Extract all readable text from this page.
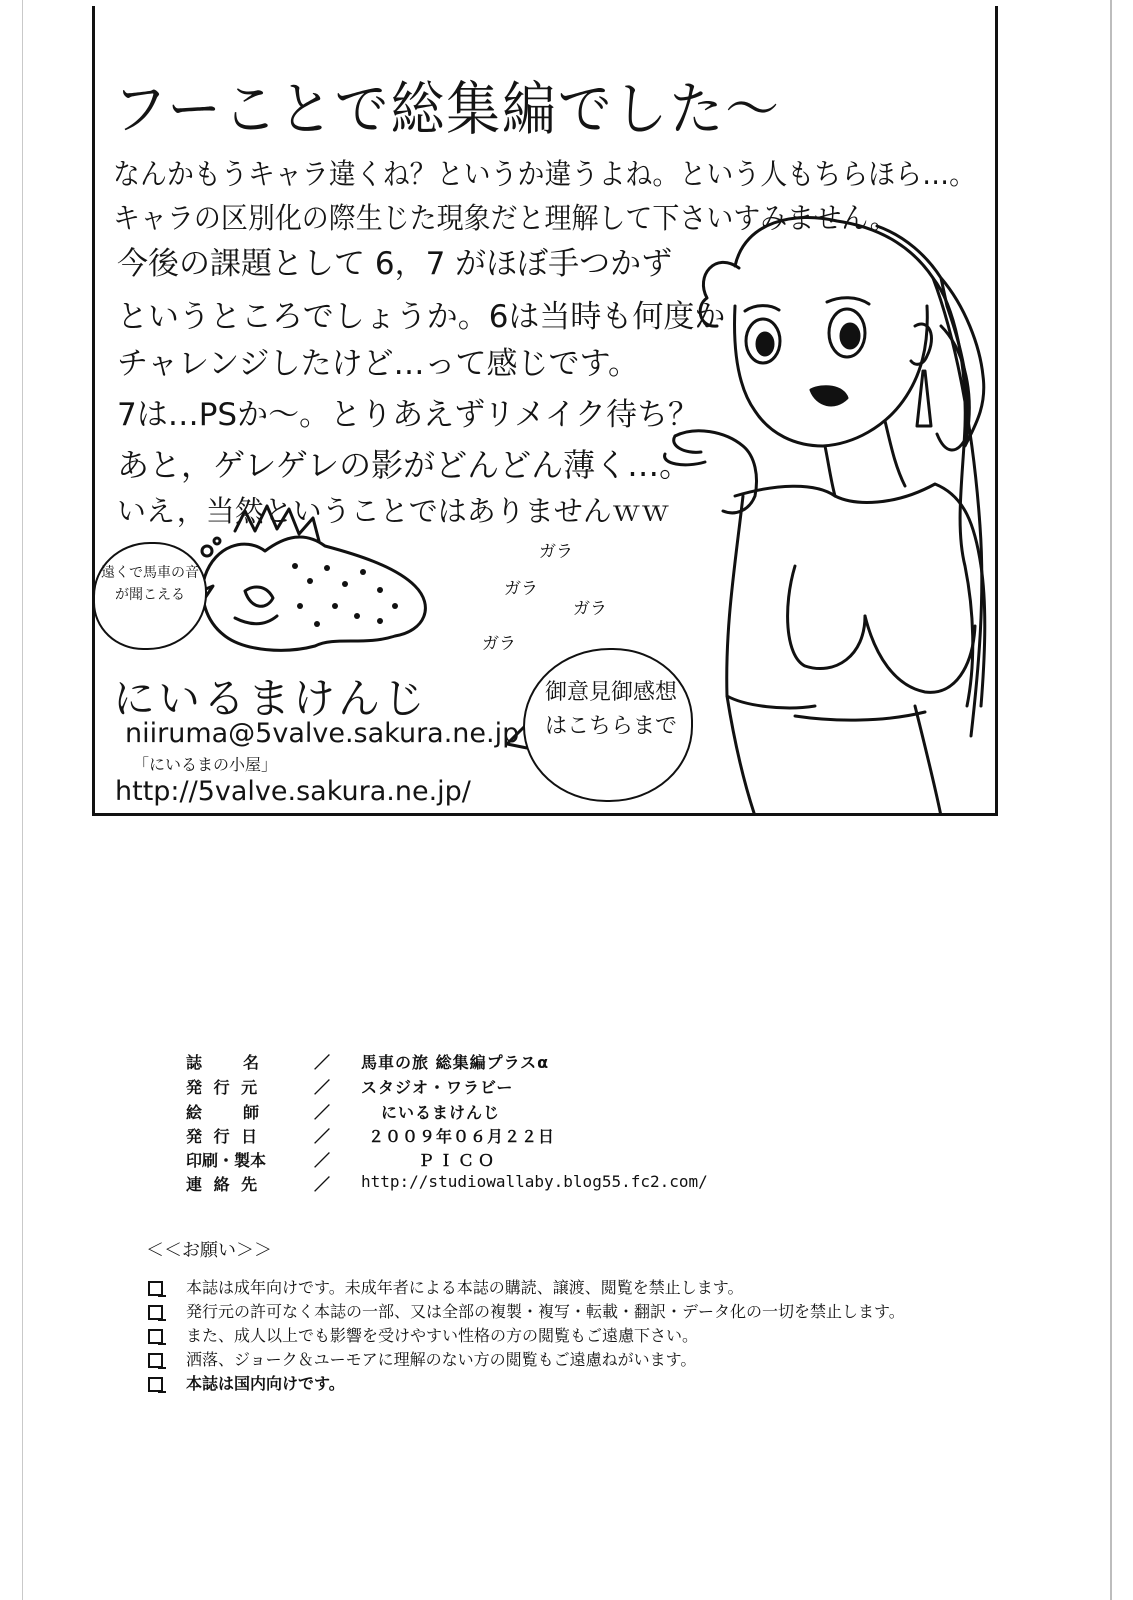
フーことで総集編でした〜
なんかもうキャラ違くね？というか違うよね。という人もちらほら…。
キャラの区別化の際生じた現象だと理解して下さいすみません。
今後の課題として 6，7 がほぼ手つかず
というところでしょうか。6は当時も何度か
チャレンジしたけど…って感じです。
7は…PSか〜。とりあえずリメイク待ち？
あと，ゲレゲレの影がどんどん薄く…。
いえ，当然ということではありませんｗｗ
遠くで馬車の音が聞こえる
ガラ
ガラ
ガラ
ガラ
御意見御感想はこちらまで
にいるまけんじ
niiruma@5valve.sakura.ne.jp
「にいるまの小屋」
http://5valve.sakura.ne.jp/
誌　　名	／ 馬車の旅 総集編プラスα
発 行 元	／ スタジオ・ワラビー
絵　　師	／	にいるまけんじ
発 行 日	／ ２００９年０６月２２日
印刷・製本	／	ＰＩＣＯ
連 絡 先	／ http://studiowallaby.blog55.fc2.com/
＜＜お願い＞＞
本誌は成年向けです。未成年者による本誌の購読、譲渡、閲覧を禁止します。
発行元の許可なく本誌の一部、又は全部の複製・複写・転載・翻訳・データ化の一切を禁止します。
また、成人以上でも影響を受けやすい性格の方の閲覧もご遠慮下さい。
洒落、ジョーク＆ユーモアに理解のない方の閲覧もご遠慮ねがいます。
本誌は国内向けです。
